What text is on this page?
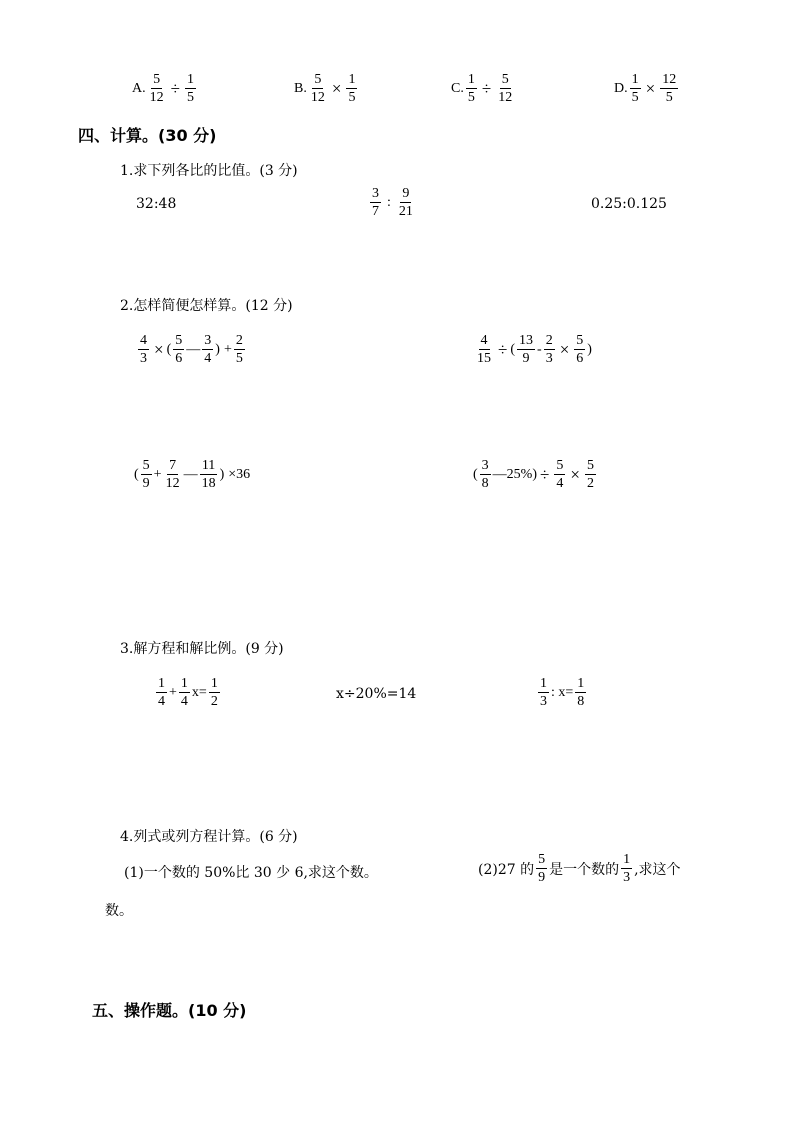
A. $\frac{5}{12} \div \frac{1}{5}$	B. $\frac{5}{12} \times \frac{1}{5}$	C. $\frac{1}{5} \div \frac{5}{12}$	D. $\frac{1}{5} \times \frac{12}{5}$
四、计算。(30 分)
1.求下列各比的比值。(3 分)
32:48	$\frac{3}{7}$ : $\frac{9}{21}$	0.25:0.125
2.怎样简便怎样算。(12 分)
$\frac{4}{3}$ × ( $\frac{5}{6}$ — $\frac{3}{4}$ ) + $\frac{2}{5}$	$\frac{4}{15}$ ÷ ( $\frac{13}{9} - \frac{2}{3} \times \frac{5}{6}$ )
( $\frac{5}{9} + \frac{7}{12}$ — $\frac{11}{18}$ ) ×36	( $\frac{3}{8}$ —25%) ÷ $\frac{5}{4} \times \frac{5}{2}$
3.解方程和解比例。(9 分)
$\frac{1}{4} + \frac{1}{4} x= \frac{1}{2}$	x÷20%=14	$\frac{1}{3}$ : $x= \frac{1}{8}$
4.列式或列方程计算。(6 分)
(1)一个数的 50%比 30 少 6,求这个数。	(2)27 的 $\frac{5}{9}$ 是一个数的 $\frac{1}{3}$ ,求这个
数。
五、操作题。(10 分)
